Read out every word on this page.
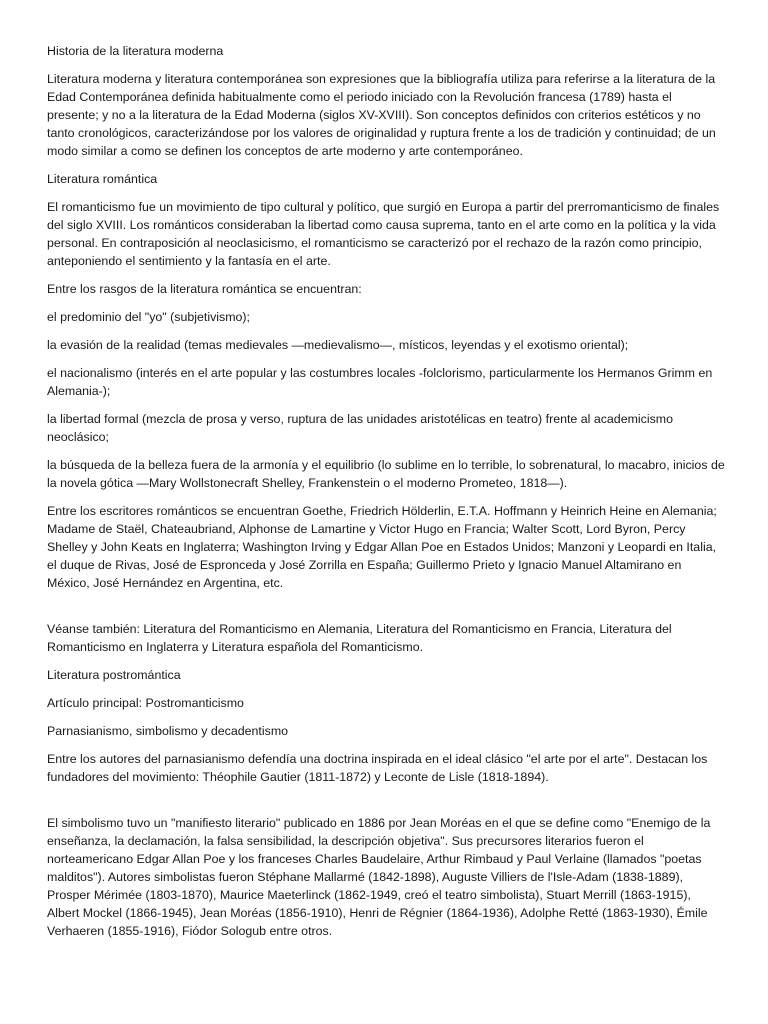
Historia de la literatura moderna

Literatura moderna y literatura contemporánea son expresiones que la bibliografía utiliza para referirse a la literatura de la Edad Contemporánea definida habitualmente como el periodo iniciado con la Revolución francesa (1789) hasta el presente; y no a la literatura de la Edad Moderna (siglos XV-XVIII). Son conceptos definidos con criterios estéticos y no tanto cronológicos, caracterizándose por los valores de originalidad y ruptura frente a los de tradición y continuidad; de un modo similar a como se definen los conceptos de arte moderno y arte contemporáneo.

Literatura romántica

El romanticismo fue un movimiento de tipo cultural y político, que surgió en Europa a partir del prerromanticismo de finales del siglo XVIII. Los románticos consideraban la libertad como causa suprema, tanto en el arte como en la política y la vida personal. En contraposición al neoclasicismo, el romanticismo se caracterizó por el rechazo de la razón como principio, anteponiendo el sentimiento y la fantasía en el arte.

Entre los rasgos de la literatura romántica se encuentran:

el predominio del "yo" (subjetivismo);

la evasión de la realidad (temas medievales —medievalismo—, místicos, leyendas y el exotismo oriental);

el nacionalismo (interés en el arte popular y las costumbres locales -folclorismo, particularmente los Hermanos Grimm en Alemania-);

la libertad formal (mezcla de prosa y verso, ruptura de las unidades aristotélicas en teatro) frente al academicismo neoclásico;

la búsqueda de la belleza fuera de la armonía y el equilibrio (lo sublime en lo terrible, lo sobrenatural, lo macabro, inicios de la novela gótica —Mary Wollstonecraft Shelley, Frankenstein o el moderno Prometeo, 1818—).

Entre los escritores románticos se encuentran Goethe, Friedrich Hölderlin, E.T.A. Hoffmann y Heinrich Heine en Alemania; Madame de Staël, Chateaubriand, Alphonse de Lamartine y Victor Hugo en Francia; Walter Scott, Lord Byron, Percy Shelley y John Keats en Inglaterra; Washington Irving y Edgar Allan Poe en Estados Unidos; Manzoni y Leopardi en Italia, el duque de Rivas, José de Espronceda y José Zorrilla en España; Guillermo Prieto y Ignacio Manuel Altamirano en México, José Hernández en Argentina, etc.

Véanse también: Literatura del Romanticismo en Alemania, Literatura del Romanticismo en Francia, Literatura del Romanticismo en Inglaterra y Literatura española del Romanticismo.

Literatura postromántica

Artículo principal: Postromanticismo

Parnasianismo, simbolismo y decadentismo

Entre los autores del parnasianismo defendía una doctrina inspirada en el ideal clásico "el arte por el arte". Destacan los fundadores del movimiento: Théophile Gautier (1811-1872) y Leconte de Lisle (1818-1894).

El simbolismo tuvo un "manifiesto literario" publicado en 1886 por Jean Moréas en el que se define como "Enemigo de la enseñanza, la declamación, la falsa sensibilidad, la descripción objetiva". Sus precursores literarios fueron el norteamericano Edgar Allan Poe y los franceses Charles Baudelaire, Arthur Rimbaud y Paul Verlaine (llamados "poetas malditos"). Autores simbolistas fueron Stéphane Mallarmé (1842-1898), Auguste Villiers de l'Isle-Adam (1838-1889), Prosper Mérimée (1803-1870), Maurice Maeterlinck (1862-1949, creó el teatro simbolista), Stuart Merrill (1863-1915), Albert Mockel (1866-1945), Jean Moréas (1856-1910), Henri de Régnier (1864-1936), Adolphe Retté (1863-1930), Émile Verhaeren (1855-1916), Fiódor Sologub entre otros.
